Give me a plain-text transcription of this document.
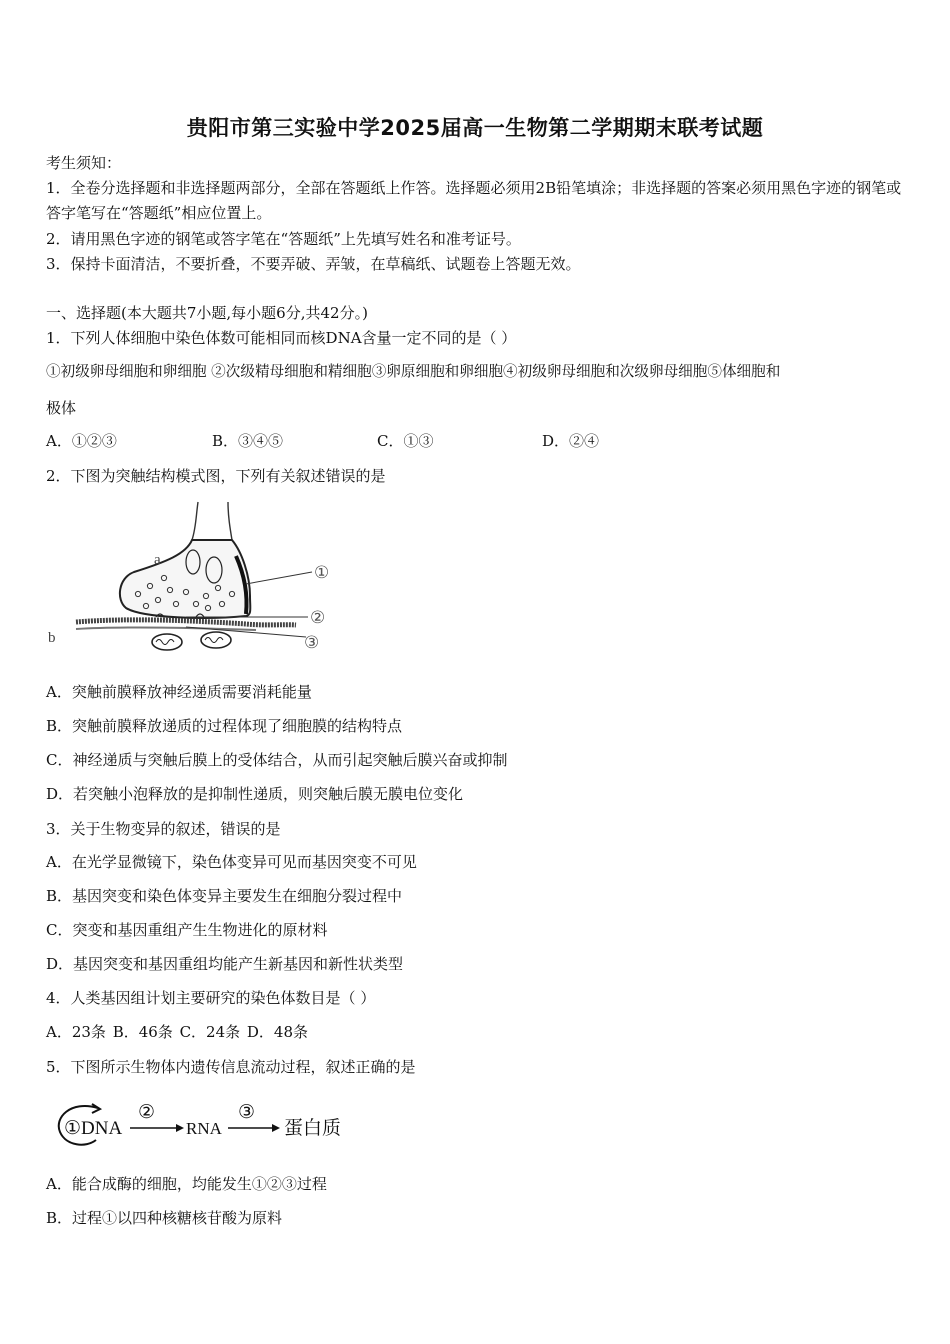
贵阳市第三实验中学2025届高一生物第二学期期末联考试题
考生须知：
1．全卷分选择题和非选择题两部分，全部在答题纸上作答。选择题必须用2B铅笔填涂；非选择题的答案必须用黑色字迹的钢笔或答字笔写在“答题纸”相应位置上。
2．请用黑色字迹的钢笔或答字笔在“答题纸”上先填写姓名和准考证号。
3．保持卡面清洁，不要折叠，不要弄破、弄皱，在草稿纸、试题卷上答题无效。
一、选择题(本大题共7小题,每小题6分,共42分。)
1．下列人体细胞中染色体数可能相同而核DNA含量一定不同的是（ ）
①初级卵母细胞和卵细胞 ②次级精母细胞和精细胞③卵原细胞和卵细胞④初级卵母细胞和次级卵母细胞⑤体细胞和
极体
A．①②③	B．③④⑤	C．①③	D．②④
2．下图为突触结构模式图，下列有关叙述错误的是
a
b
①
②
③
A．突触前膜释放神经递质需要消耗能量
B．突触前膜释放递质的过程体现了细胞膜的结构特点
C．神经递质与突触后膜上的受体结合，从而引起突触后膜兴奋或抑制
D．若突触小泡释放的是抑制性递质，则突触后膜无膜电位变化
3．关于生物变异的叙述，错误的是
A．在光学显微镜下，染色体变异可见而基因突变不可见
B．基因突变和染色体变异主要发生在细胞分裂过程中
C．突变和基因重组产生生物进化的原材料
D．基因突变和基因重组均能产生新基因和新性状类型
4．人类基因组计划主要研究的染色体数目是（ ）
A．23条 B．46条 C．24条 D．48条
5．下图所示生物体内遗传信息流动过程，叙述正确的是
①DNA
②
RNA
③
蛋白质
A．能合成酶的细胞，均能发生①②③过程
B．过程①以四种核糖核苷酸为原料
